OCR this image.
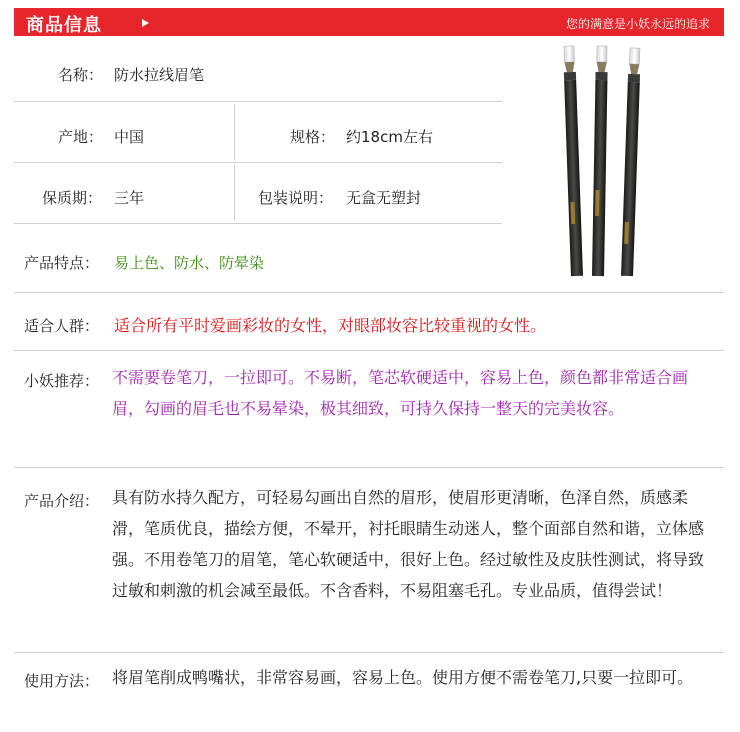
商品信息	您的满意是小妖永远的追求
名称： 防水拉线眉笔
产地： 中国	规格： 约18cm左右
保质期： 三年	包装说明： 无盒无塑封
产品特点： 易上色、防水、防晕染
适合人群： 适合所有平时爱画彩妆的女性，对眼部妆容比较重视的女性。
小妖推荐： 不需要卷笔刀，一拉即可。不易断，笔芯软硬适中，容易上色，颜色都非常适合画眉，勾画的眉毛也不易晕染，极其细致，可持久保持一整天的完美妆容。
产品介绍： 具有防水持久配方，可轻易勾画出自然的眉形，使眉形更清晰，色泽自然，质感柔滑，笔质优良，描绘方便，不晕开，衬托眼睛生动迷人，整个面部自然和谐，立体感强。不用卷笔刀的眉笔，笔心软硬适中，很好上色。经过敏性及皮肤性测试，将导致过敏和刺激的机会减至最低。不含香料，不易阻塞毛孔。专业品质，值得尝试！
使用方法： 将眉笔削成鸭嘴状，非常容易画，容易上色。使用方便不需卷笔刀,只要一拉即可。
